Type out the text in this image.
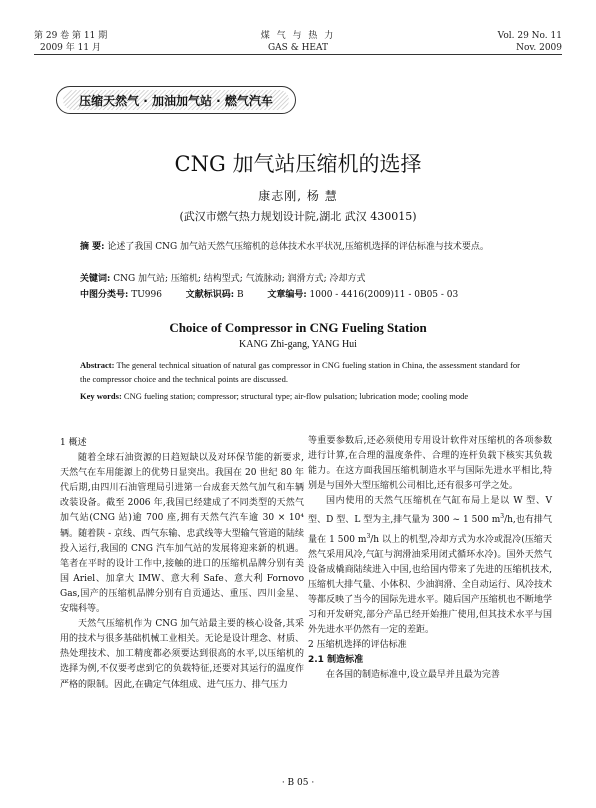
第 29 卷 第 11 期
2009 年 11 月
煤 气 与 热 力
GAS & HEAT
Vol. 29 No. 11
Nov. 2009
压缩天然气 · 加油加气站 · 燃气汽车
CNG 加气站压缩机的选择
康志刚, 杨 慧
(武汉市燃气热力规划设计院,湖北 武汉 430015)
摘 要: 论述了我国 CNG 加气站天然气压缩机的总体技术水平状况,压缩机选择的评估标准与技术要点。
关键词: CNG 加气站; 压缩机; 结构型式; 气流脉动; 润滑方式; 冷却方式
中图分类号: TU996	文献标识码: B	文章编号: 1000 - 4416(2009)11 - 0B05 - 03
Choice of Compressor in CNG Fueling Station
KANG Zhi-gang, YANG Hui
Abstract: The general technical situation of natural gas compressor in CNG fueling station in China, the assessment standard for the compressor choice and the technical points are discussed.
Key words: CNG fueling station; compressor; structural type; air-flow pulsation; lubrication mode; cooling mode

1 概述

随着全球石油资源的日趋短缺以及对环保节能的新要求,天然气在车用能源上的优势日显突出。我国在 20 世纪 80 年代后期,由四川石油管理局引进第一台成套天然气加气和车辆改装设备。截至 2006 年,我国已经建成了不同类型的天然气加气站(CNG 站)逾 700 座,拥有天然气汽车逾 30 × 10⁴ 辆。随着陕 - 京线、西气东输、忠武线等大型输气管道的陆续投入运行,我国的 CNG 汽车加气站的发展将迎来新的机遇。笔者在平时的设计工作中,接触的进口的压缩机品牌分别有美国 Ariel、加拿大 IMW、意大利 Safe、意大利 Fornovo Gas,国产的压缩机品牌分别有自贡通达、重压、四川金星、安瑞科等。

天然气压缩机作为 CNG 加气站最主要的核心设备,其采用的技术与很多基础机械工业相关。无论是设计理念、材质、热处理技术、加工精度都必须要达到很高的水平,以压缩机的选择为例,不仅要考虑到它的负载特征,还要对其运行的温度作严格的限制。因此,在确定气体组成、进气压力、排气压力

等重要参数后,还必须使用专用设计软件对压缩机的各项参数进行计算,在合理的温度条件、合理的连杆负载下核实其负载能力。在这方面我国压缩机制造水平与国际先进水平相比,特别是与国外大型压缩机公司相比,还有很多可学之处。

国内使用的天然气压缩机在气缸布局上是以 W 型、V 型、D 型、L 型为主,排气量为 300 ~ 1 500 $m^3/h$,也有排气量在 1 500 $m^3/h$ 以上的机型,冷却方式为水冷或混冷(压缩天然气采用风冷,气缸与润滑油采用闭式循环水冷)。国外天然气设备成橇商陆续进入中国,也给国内带来了先进的压缩机技术,压缩机大排气量、小体积、少油润滑、全自动运行、风冷技术等都反映了当今的国际先进水平。随后国产压缩机也不断地学习和开发研究,部分产品已经开始推广使用,但其技术水平与国外先进水平仍然有一定的差距。

2 压缩机选择的评估标准

2.1 制造标准

在各国的制造标准中,设立最早并且最为完善

· B 05 ·
